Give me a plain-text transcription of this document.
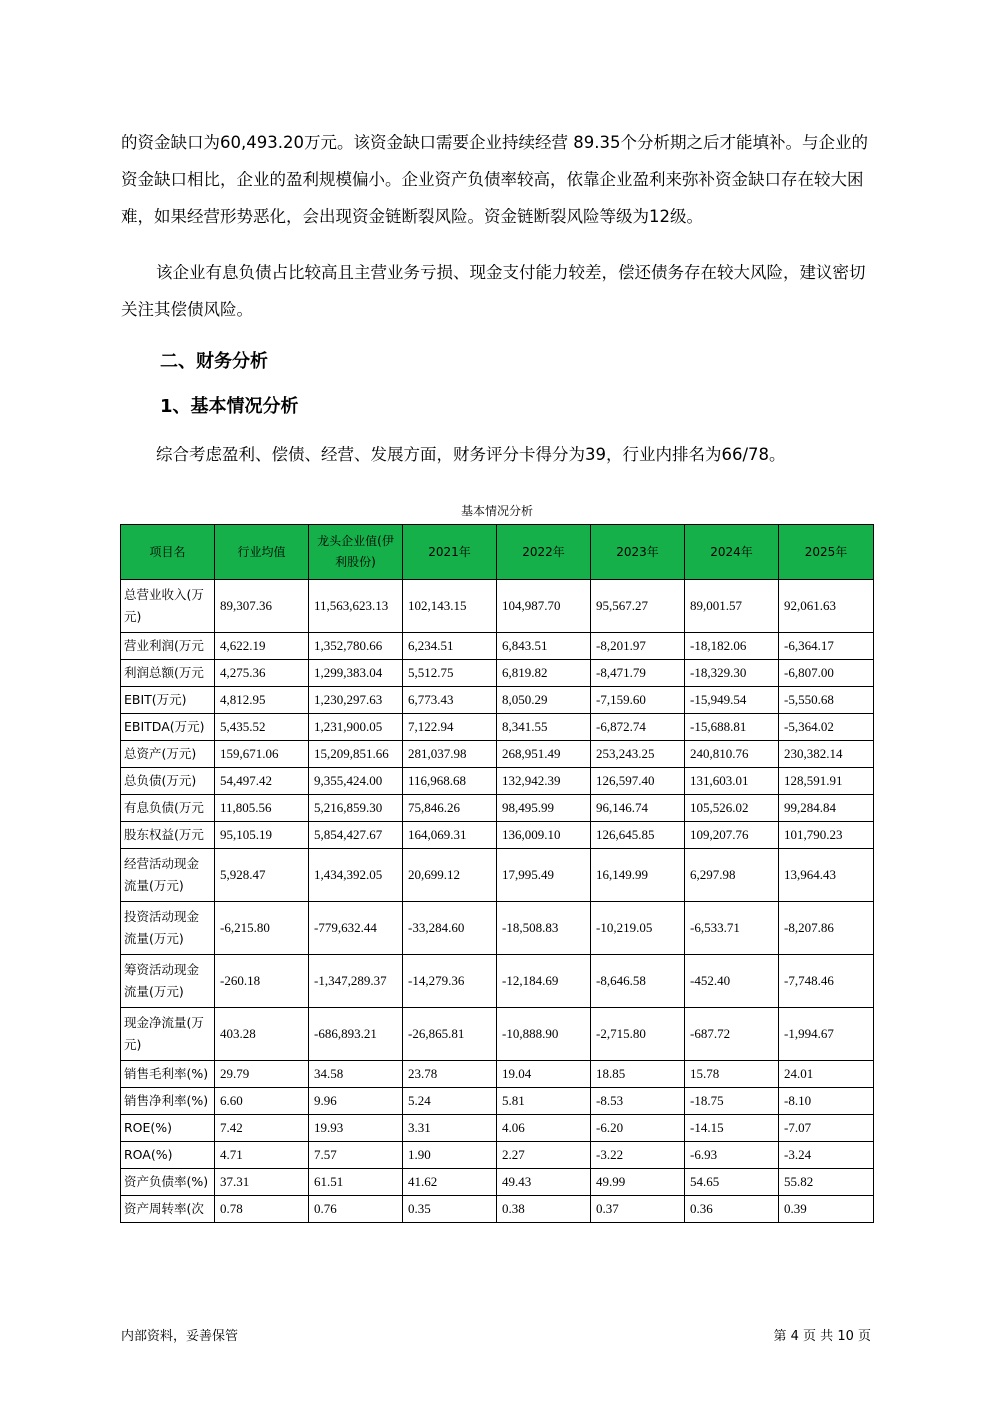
的资金缺口为60,493.20万元。该资金缺口需要企业持续经营 89.35个分析期之后才能填补。与企业的资金缺口相比，企业的盈利规模偏小。企业资产负债率较高，依靠企业盈利来弥补资金缺口存在较大困难，如果经营形势恶化，会出现资金链断裂风险。资金链断裂风险等级为12级。

该企业有息负债占比较高且主营业务亏损、现金支付能力较差，偿还债务存在较大风险，建议密切关注其偿债风险。

二、财务分析
1、基本情况分析

综合考虑盈利、偿债、经营、发展方面，财务评分卡得分为39，行业内排名为66/78。

基本情况分析
项目名	行业均值	龙头企业值(伊利股份)	2021年	2022年	2023年	2024年	2025年
总营业收入(万元)	89,307.36	11,563,623.13	102,143.15	104,987.70	95,567.27	89,001.57	92,061.63
营业利润(万元	4,622.19	1,352,780.66	6,234.51	6,843.51	-8,201.97	-18,182.06	-6,364.17
利润总额(万元	4,275.36	1,299,383.04	5,512.75	6,819.82	-8,471.79	-18,329.30	-6,807.00
EBIT(万元)	4,812.95	1,230,297.63	6,773.43	8,050.29	-7,159.60	-15,949.54	-5,550.68
EBITDA(万元)	5,435.52	1,231,900.05	7,122.94	8,341.55	-6,872.74	-15,688.81	-5,364.02
总资产(万元)	159,671.06	15,209,851.66	281,037.98	268,951.49	253,243.25	240,810.76	230,382.14
总负债(万元)	54,497.42	9,355,424.00	116,968.68	132,942.39	126,597.40	131,603.01	128,591.91
有息负债(万元	11,805.56	5,216,859.30	75,846.26	98,495.99	96,146.74	105,526.02	99,284.84
股东权益(万元	95,105.19	5,854,427.67	164,069.31	136,009.10	126,645.85	109,207.76	101,790.23
经营活动现金流量(万元)	5,928.47	1,434,392.05	20,699.12	17,995.49	16,149.99	6,297.98	13,964.43
投资活动现金流量(万元)	-6,215.80	-779,632.44	-33,284.60	-18,508.83	-10,219.05	-6,533.71	-8,207.86
筹资活动现金流量(万元)	-260.18	-1,347,289.37	-14,279.36	-12,184.69	-8,646.58	-452.40	-7,748.46
现金净流量(万元)	403.28	-686,893.21	-26,865.81	-10,888.90	-2,715.80	-687.72	-1,994.67
销售毛利率(%)	29.79	34.58	23.78	19.04	18.85	15.78	24.01
销售净利率(%)	6.60	9.96	5.24	5.81	-8.53	-18.75	-8.10
ROE(%)	7.42	19.93	3.31	4.06	-6.20	-14.15	-7.07
ROA(%)	4.71	7.57	1.90	2.27	-3.22	-6.93	-3.24
资产负债率(%)	37.31	61.51	41.62	49.43	49.99	54.65	55.82
资产周转率(次	0.78	0.76	0.35	0.38	0.37	0.36	0.39
内部资料，妥善保管	第 4 页 共 10 页
